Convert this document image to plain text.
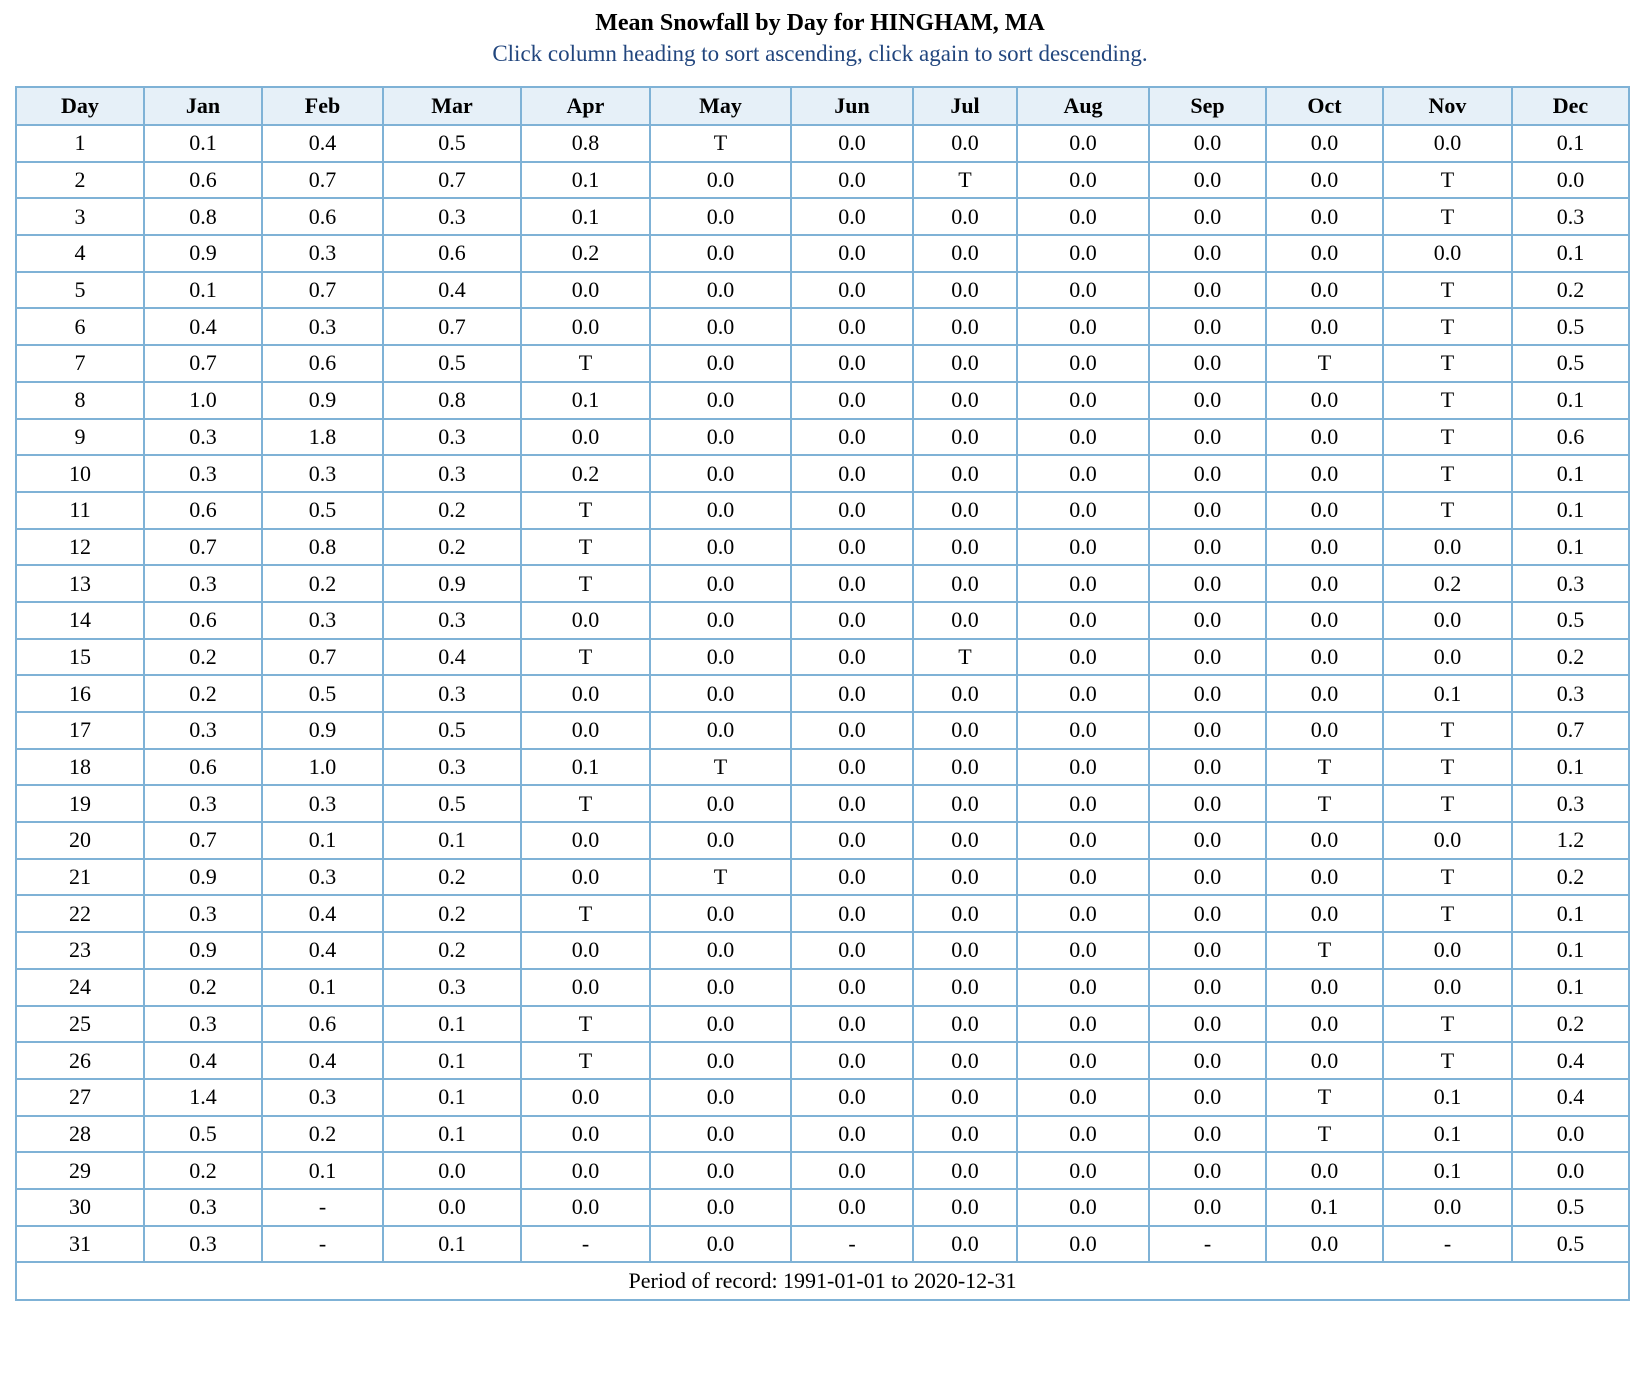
Mean Snowfall by Day for HINGHAM, MA
Click column heading to sort ascending, click again to sort descending.
Day	Jan	Feb	Mar	Apr	May	Jun	Jul	Aug	Sep	Oct	Nov	Dec
1	0.1	0.4	0.5	0.8	T	0.0	0.0	0.0	0.0	0.0	0.0	0.1
2	0.6	0.7	0.7	0.1	0.0	0.0	T	0.0	0.0	0.0	T	0.0
3	0.8	0.6	0.3	0.1	0.0	0.0	0.0	0.0	0.0	0.0	T	0.3
4	0.9	0.3	0.6	0.2	0.0	0.0	0.0	0.0	0.0	0.0	0.0	0.1
5	0.1	0.7	0.4	0.0	0.0	0.0	0.0	0.0	0.0	0.0	T	0.2
6	0.4	0.3	0.7	0.0	0.0	0.0	0.0	0.0	0.0	0.0	T	0.5
7	0.7	0.6	0.5	T	0.0	0.0	0.0	0.0	0.0	T	T	0.5
8	1.0	0.9	0.8	0.1	0.0	0.0	0.0	0.0	0.0	0.0	T	0.1
9	0.3	1.8	0.3	0.0	0.0	0.0	0.0	0.0	0.0	0.0	T	0.6
10	0.3	0.3	0.3	0.2	0.0	0.0	0.0	0.0	0.0	0.0	T	0.1
11	0.6	0.5	0.2	T	0.0	0.0	0.0	0.0	0.0	0.0	T	0.1
12	0.7	0.8	0.2	T	0.0	0.0	0.0	0.0	0.0	0.0	0.0	0.1
13	0.3	0.2	0.9	T	0.0	0.0	0.0	0.0	0.0	0.0	0.2	0.3
14	0.6	0.3	0.3	0.0	0.0	0.0	0.0	0.0	0.0	0.0	0.0	0.5
15	0.2	0.7	0.4	T	0.0	0.0	T	0.0	0.0	0.0	0.0	0.2
16	0.2	0.5	0.3	0.0	0.0	0.0	0.0	0.0	0.0	0.0	0.1	0.3
17	0.3	0.9	0.5	0.0	0.0	0.0	0.0	0.0	0.0	0.0	T	0.7
18	0.6	1.0	0.3	0.1	T	0.0	0.0	0.0	0.0	T	T	0.1
19	0.3	0.3	0.5	T	0.0	0.0	0.0	0.0	0.0	T	T	0.3
20	0.7	0.1	0.1	0.0	0.0	0.0	0.0	0.0	0.0	0.0	0.0	1.2
21	0.9	0.3	0.2	0.0	T	0.0	0.0	0.0	0.0	0.0	T	0.2
22	0.3	0.4	0.2	T	0.0	0.0	0.0	0.0	0.0	0.0	T	0.1
23	0.9	0.4	0.2	0.0	0.0	0.0	0.0	0.0	0.0	T	0.0	0.1
24	0.2	0.1	0.3	0.0	0.0	0.0	0.0	0.0	0.0	0.0	0.0	0.1
25	0.3	0.6	0.1	T	0.0	0.0	0.0	0.0	0.0	0.0	T	0.2
26	0.4	0.4	0.1	T	0.0	0.0	0.0	0.0	0.0	0.0	T	0.4
27	1.4	0.3	0.1	0.0	0.0	0.0	0.0	0.0	0.0	T	0.1	0.4
28	0.5	0.2	0.1	0.0	0.0	0.0	0.0	0.0	0.0	T	0.1	0.0
29	0.2	0.1	0.0	0.0	0.0	0.0	0.0	0.0	0.0	0.0	0.1	0.0
30	0.3	-	0.0	0.0	0.0	0.0	0.0	0.0	0.0	0.1	0.0	0.5
31	0.3	-	0.1	-	0.0	-	0.0	0.0	-	0.0	-	0.5
Period of record: 1991-01-01 to 2020-12-31												
